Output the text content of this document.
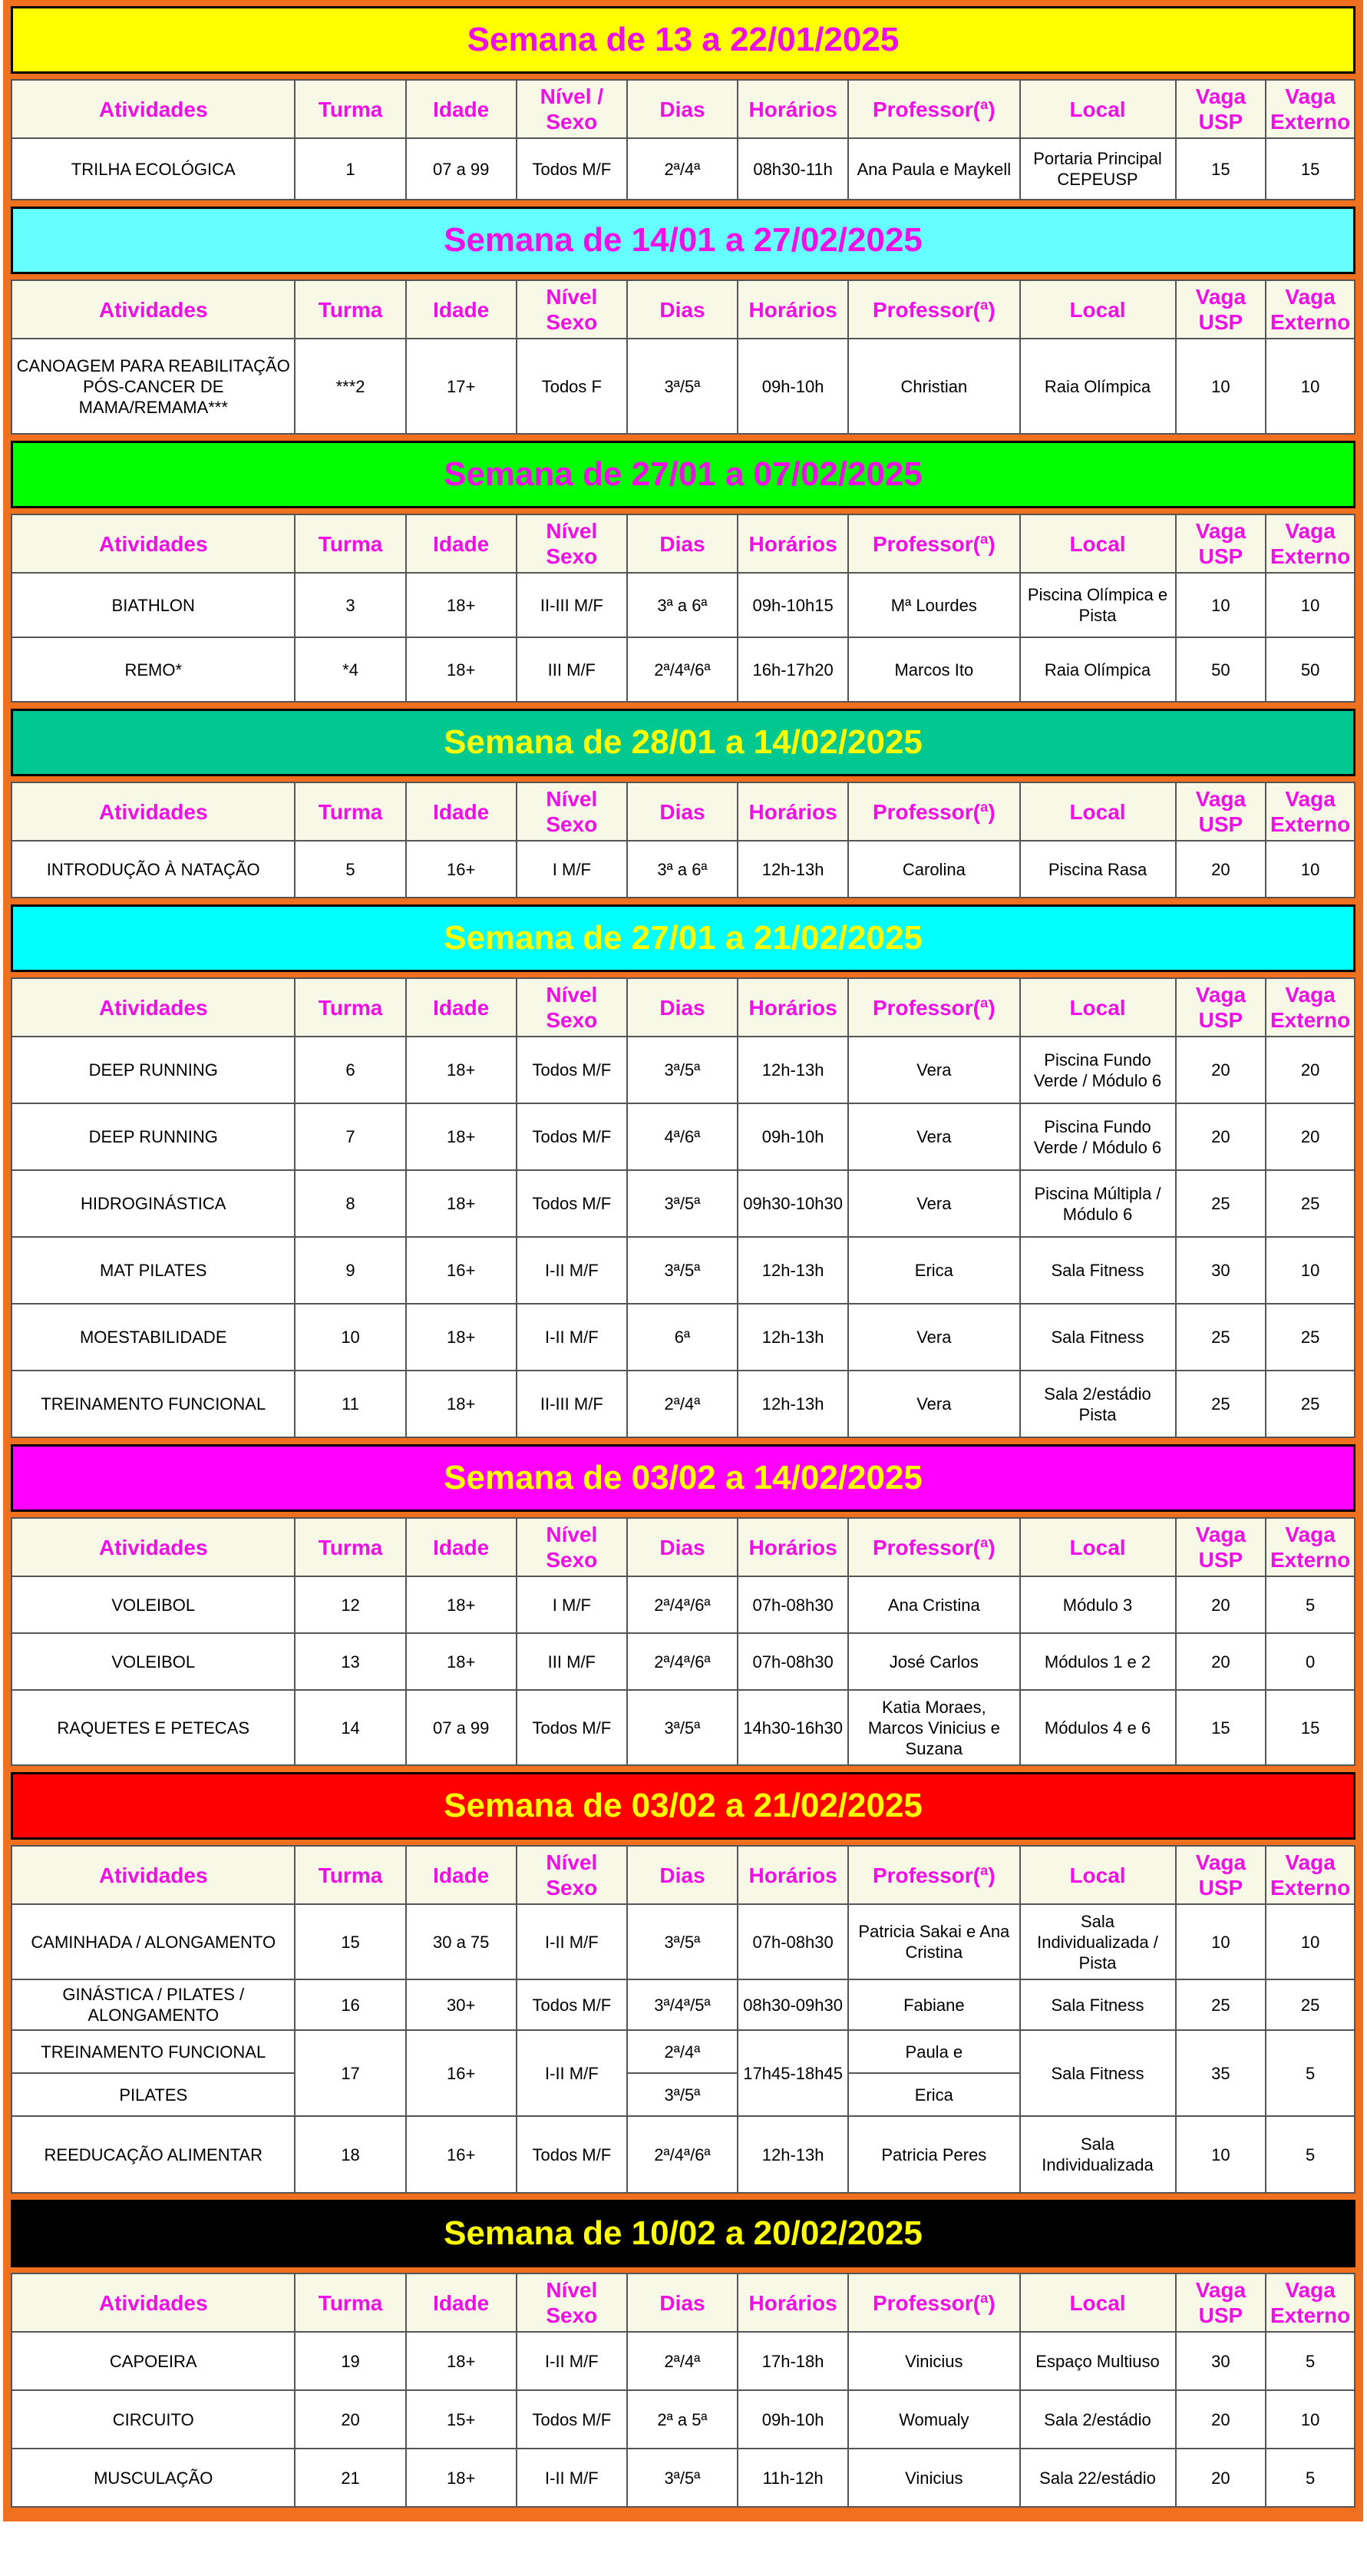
Semana de 13 a 22/01/2025
Atividades	Turma	Idade	Nível / Sexo	Dias	Horários	Professor(ª)	Local	Vaga USP	Vaga Externo
TRILHA ECOLÓGICA	1	07 a 99	Todos M/F	2ª/4ª	08h30-11h	Ana Paula e Maykell	Portaria Principal CEPEUSP	15	15
Semana de 14/01 a 27/02/2025
Atividades	Turma	Idade	Nível Sexo	Dias	Horários	Professor(ª)	Local	Vaga USP	Vaga Externo
CANOAGEM PARA REABILITAÇÃO PÓS-CANCER DE MAMA/REMAMA***	***2	17+	Todos F	3ª/5ª	09h-10h	Christian	Raia Olímpica	10	10
Semana de 27/01 a 07/02/2025
Atividades	Turma	Idade	Nível Sexo	Dias	Horários	Professor(ª)	Local	Vaga USP	Vaga Externo
BIATHLON	3	18+	II-III M/F	3ª a 6ª	09h-10h15	Mª Lourdes	Piscina Olímpica e Pista	10	10
REMO*	*4	18+	III M/F	2ª/4ª/6ª	16h-17h20	Marcos Ito	Raia Olímpica	50	50
Semana de 28/01 a 14/02/2025
Atividades	Turma	Idade	Nível Sexo	Dias	Horários	Professor(ª)	Local	Vaga USP	Vaga Externo
INTRODUÇÃO À NATAÇÃO	5	16+	I M/F	3ª a 6ª	12h-13h	Carolina	Piscina Rasa	20	10
Semana de 27/01 a 21/02/2025
Atividades	Turma	Idade	Nível Sexo	Dias	Horários	Professor(ª)	Local	Vaga USP	Vaga Externo
DEEP RUNNING	6	18+	Todos M/F	3ª/5ª	12h-13h	Vera	Piscina Fundo Verde / Módulo 6	20	20
DEEP RUNNING	7	18+	Todos M/F	4ª/6ª	09h-10h	Vera	Piscina Fundo Verde / Módulo 6	20	20
HIDROGINÁSTICA	8	18+	Todos M/F	3ª/5ª	09h30-10h30	Vera	Piscina Múltipla / Módulo 6	25	25
MAT PILATES	9	16+	I-II M/F	3ª/5ª	12h-13h	Erica	Sala Fitness	30	10
MOESTABILIDADE	10	18+	I-II M/F	6ª	12h-13h	Vera	Sala Fitness	25	25
TREINAMENTO FUNCIONAL	11	18+	II-III M/F	2ª/4ª	12h-13h	Vera	Sala 2/estádio Pista	25	25
Semana de 03/02 a 14/02/2025
Atividades	Turma	Idade	Nível Sexo	Dias	Horários	Professor(ª)	Local	Vaga USP	Vaga Externo
VOLEIBOL	12	18+	I M/F	2ª/4ª/6ª	07h-08h30	Ana Cristina	Módulo 3	20	5
VOLEIBOL	13	18+	III M/F	2ª/4ª/6ª	07h-08h30	José Carlos	Módulos 1 e 2	20	0
RAQUETES E PETECAS	14	07 a 99	Todos M/F	3ª/5ª	14h30-16h30	Katia Moraes, Marcos Vinicius e Suzana	Módulos 4 e 6	15	15
Semana de 03/02 a 21/02/2025
Atividades	Turma	Idade	Nível Sexo	Dias	Horários	Professor(ª)	Local	Vaga USP	Vaga Externo
CAMINHADA / ALONGAMENTO	15	30 a 75	I-II M/F	3ª/5ª	07h-08h30	Patricia Sakai e Ana Cristina	Sala Individualizada / Pista	10	10
GINÁSTICA / PILATES / ALONGAMENTO	16	30+	Todos M/F	3ª/4ª/5ª	08h30-09h30	Fabiane	Sala Fitness	25	25
TREINAMENTO FUNCIONAL	17	16+	I-II M/F	2ª/4ª	17h45-18h45	Paula e	Sala Fitness	35	5
PILATES				3ª/5ª		Erica			
REEDUCAÇÃO ALIMENTAR	18	16+	Todos M/F	2ª/4ª/6ª	12h-13h	Patricia Peres	Sala Individualizada	10	5
Semana de 10/02 a 20/02/2025
Atividades	Turma	Idade	Nível Sexo	Dias	Horários	Professor(ª)	Local	Vaga USP	Vaga Externo
CAPOEIRA	19	18+	I-II M/F	2ª/4ª	17h-18h	Vinicius	Espaço Multiuso	30	5
CIRCUITO	20	15+	Todos M/F	2ª a 5ª	09h-10h	Womualy	Sala 2/estádio	20	10
MUSCULAÇÃO	21	18+	I-II M/F	3ª/5ª	11h-12h	Vinicius	Sala 22/estádio	20	5
